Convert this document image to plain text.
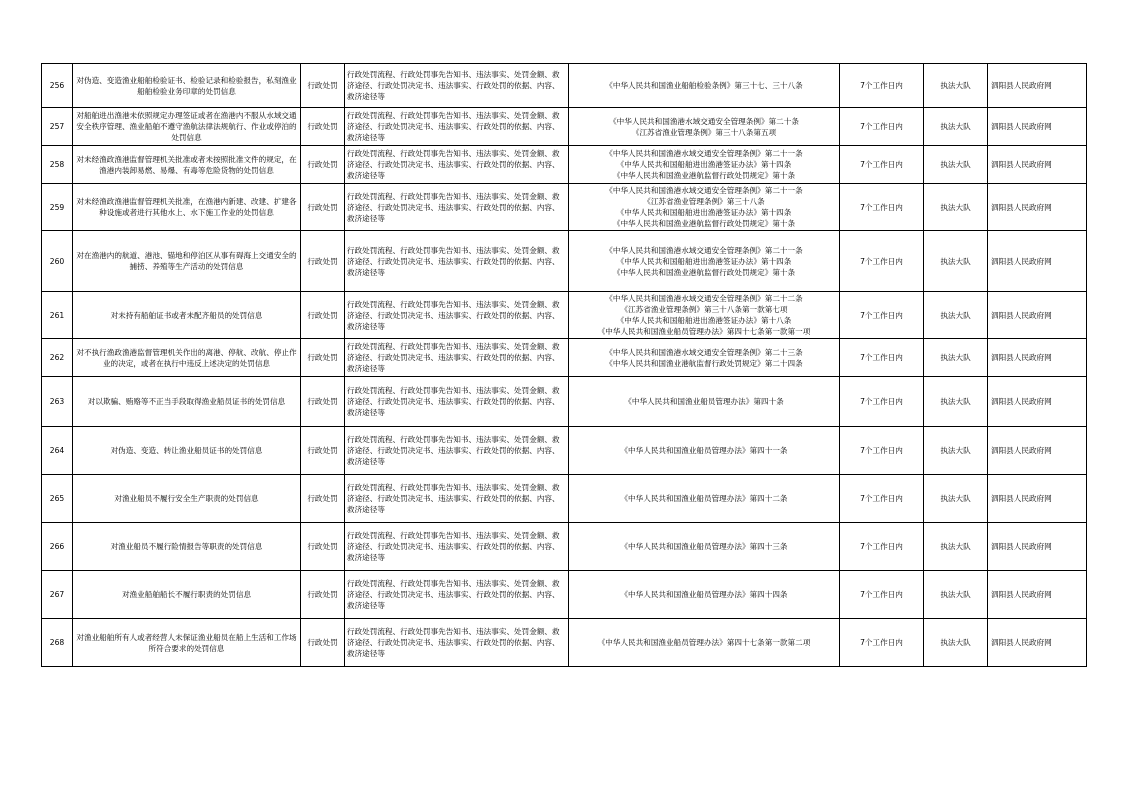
256	对伪造、变造渔业船舶检验证书、检验记录和检验报告，私刻渔业船舶检验业务印章的处罚信息	行政处罚	行政处罚流程、行政处罚事先告知书、违法事实、处罚金额、救济途径、行政处罚决定书、违法事实、行政处罚的依据、内容、救济途径等	《中华人民共和国渔业船舶检验条例》第三十七、三十八条	7个工作日内	执法大队	泗阳县人民政府网
257	对船舶进出渔港未依照规定办理签证或者在渔港内不服从水域交通安全秩序管理、渔业船舶不遵守渔航法律法规航行、作业或停泊的处罚信息	行政处罚	行政处罚流程、行政处罚事先告知书、违法事实、处罚金额、救济途径、行政处罚决定书、违法事实、行政处罚的依据、内容、救济途径等	《中华人民共和国渔港水域交通安全管理条例》第二十条
《江苏省渔业管理条例》第三十八条第五项	7个工作日内	执法大队	泗阳县人民政府网
258	对未经渔政渔港监督管理机关批准或者未按照批准文件的规定，在渔港内装卸易燃、易爆、有毒等危险货物的处罚信息	行政处罚	行政处罚流程、行政处罚事先告知书、违法事实、处罚金额、救济途径、行政处罚决定书、违法事实、行政处罚的依据、内容、救济途径等	《中华人民共和国渔港水域交通安全管理条例》第二十一条
《中华人民共和国船舶进出渔港签证办法》第十四条
《中华人民共和国渔业港航监督行政处罚规定》第十条	7个工作日内	执法大队	泗阳县人民政府网
259	对未经渔政渔港监督管理机关批准，在渔港内新建、改建、扩建各种设施或者进行其他水上、水下施工作业的处罚信息	行政处罚	行政处罚流程、行政处罚事先告知书、违法事实、处罚金额、救济途径、行政处罚决定书、违法事实、行政处罚的依据、内容、救济途径等	《中华人民共和国渔港水域交通安全管理条例》第二十一条
《江苏省渔业管理条例》第三十八条
《中华人民共和国船舶进出渔港签证办法》第十四条
《中华人民共和国渔业港航监督行政处罚规定》第十条	7个工作日内	执法大队	泗阳县人民政府网
260	对在渔港内的航道、港池、锚地和停泊区从事有碍海上交通安全的捕捞、养殖等生产活动的处罚信息	行政处罚	行政处罚流程、行政处罚事先告知书、违法事实、处罚金额、救济途径、行政处罚决定书、违法事实、行政处罚的依据、内容、救济途径等	《中华人民共和国渔港水域交通安全管理条例》第二十一条
《中华人民共和国船舶进出渔港签证办法》第十四条
《中华人民共和国渔业港航监督行政处罚规定》第十条	7个工作日内	执法大队	泗阳县人民政府网
261	对未持有船舶证书或者未配齐船员的处罚信息	行政处罚	行政处罚流程、行政处罚事先告知书、违法事实、处罚金额、救济途径、行政处罚决定书、违法事实、行政处罚的依据、内容、救济途径等	《中华人民共和国渔港水域交通安全管理条例》第二十二条
《江苏省渔业管理条例》第三十八条第一款第七项
《中华人民共和国船舶进出渔港签证办法》第十八条
《中华人民共和国渔业船员管理办法》第四十七条第一款第一项	7个工作日内	执法大队	泗阳县人民政府网
262	对不执行渔政渔港监督管理机关作出的离港、停航、改航、停止作业的决定，或者在执行中违反上述决定的处罚信息	行政处罚	行政处罚流程、行政处罚事先告知书、违法事实、处罚金额、救济途径、行政处罚决定书、违法事实、行政处罚的依据、内容、救济途径等	《中华人民共和国渔港水域交通安全管理条例》第二十三条
《中华人民共和国渔业港航监督行政处罚规定》第二十四条	7个工作日内	执法大队	泗阳县人民政府网
263	对以欺骗、贿赂等不正当手段取得渔业船员证书的处罚信息	行政处罚	行政处罚流程、行政处罚事先告知书、违法事实、处罚金额、救济途径、行政处罚决定书、违法事实、行政处罚的依据、内容、救济途径等	《中华人民共和国渔业船员管理办法》第四十条	7个工作日内	执法大队	泗阳县人民政府网
264	对伪造、变造、转让渔业船员证书的处罚信息	行政处罚	行政处罚流程、行政处罚事先告知书、违法事实、处罚金额、救济途径、行政处罚决定书、违法事实、行政处罚的依据、内容、救济途径等	《中华人民共和国渔业船员管理办法》第四十一条	7个工作日内	执法大队	泗阳县人民政府网
265	对渔业船员不履行安全生产职责的处罚信息	行政处罚	行政处罚流程、行政处罚事先告知书、违法事实、处罚金额、救济途径、行政处罚决定书、违法事实、行政处罚的依据、内容、救济途径等	《中华人民共和国渔业船员管理办法》第四十二条	7个工作日内	执法大队	泗阳县人民政府网
266	对渔业船员不履行险情报告等职责的处罚信息	行政处罚	行政处罚流程、行政处罚事先告知书、违法事实、处罚金额、救济途径、行政处罚决定书、违法事实、行政处罚的依据、内容、救济途径等	《中华人民共和国渔业船员管理办法》第四十三条	7个工作日内	执法大队	泗阳县人民政府网
267	对渔业船舶船长不履行职责的处罚信息	行政处罚	行政处罚流程、行政处罚事先告知书、违法事实、处罚金额、救济途径、行政处罚决定书、违法事实、行政处罚的依据、内容、救济途径等	《中华人民共和国渔业船员管理办法》第四十四条	7个工作日内	执法大队	泗阳县人民政府网
268	对渔业船舶所有人或者经营人未保证渔业船员在船上生活和工作场所符合要求的处罚信息	行政处罚	行政处罚流程、行政处罚事先告知书、违法事实、处罚金额、救济途径、行政处罚决定书、违法事实、行政处罚的依据、内容、救济途径等	《中华人民共和国渔业船员管理办法》第四十七条第一款第二项	7个工作日内	执法大队	泗阳县人民政府网
